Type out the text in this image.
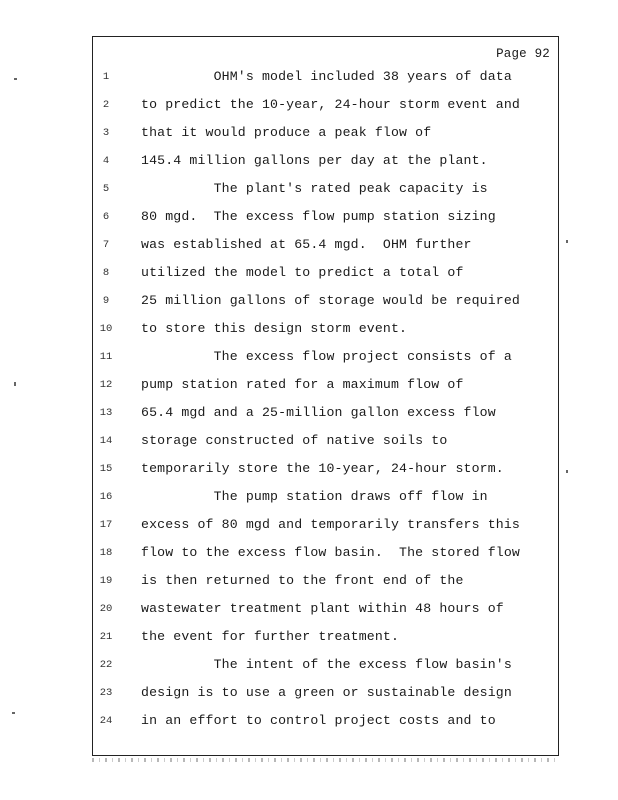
Page 92
1	OHM's model included 38 years of data
2	to predict the 10-year, 24-hour storm event and
3	that it would produce a peak flow of
4	145.4 million gallons per day at the plant.
5	The plant's rated peak capacity is
6	80 mgd.  The excess flow pump station sizing
7	was established at 65.4 mgd.  OHM further
8	utilized the model to predict a total of
9	25 million gallons of storage would be required
10	to store this design storm event.
11	The excess flow project consists of a
12	pump station rated for a maximum flow of
13	65.4 mgd and a 25-million gallon excess flow
14	storage constructed of native soils to
15	temporarily store the 10-year, 24-hour storm.
16	The pump station draws off flow in
17	excess of 80 mgd and temporarily transfers this
18	flow to the excess flow basin.  The stored flow
19	is then returned to the front end of the
20	wastewater treatment plant within 48 hours of
21	the event for further treatment.
22	The intent of the excess flow basin's
23	design is to use a green or sustainable design
24	in an effort to control project costs and to
